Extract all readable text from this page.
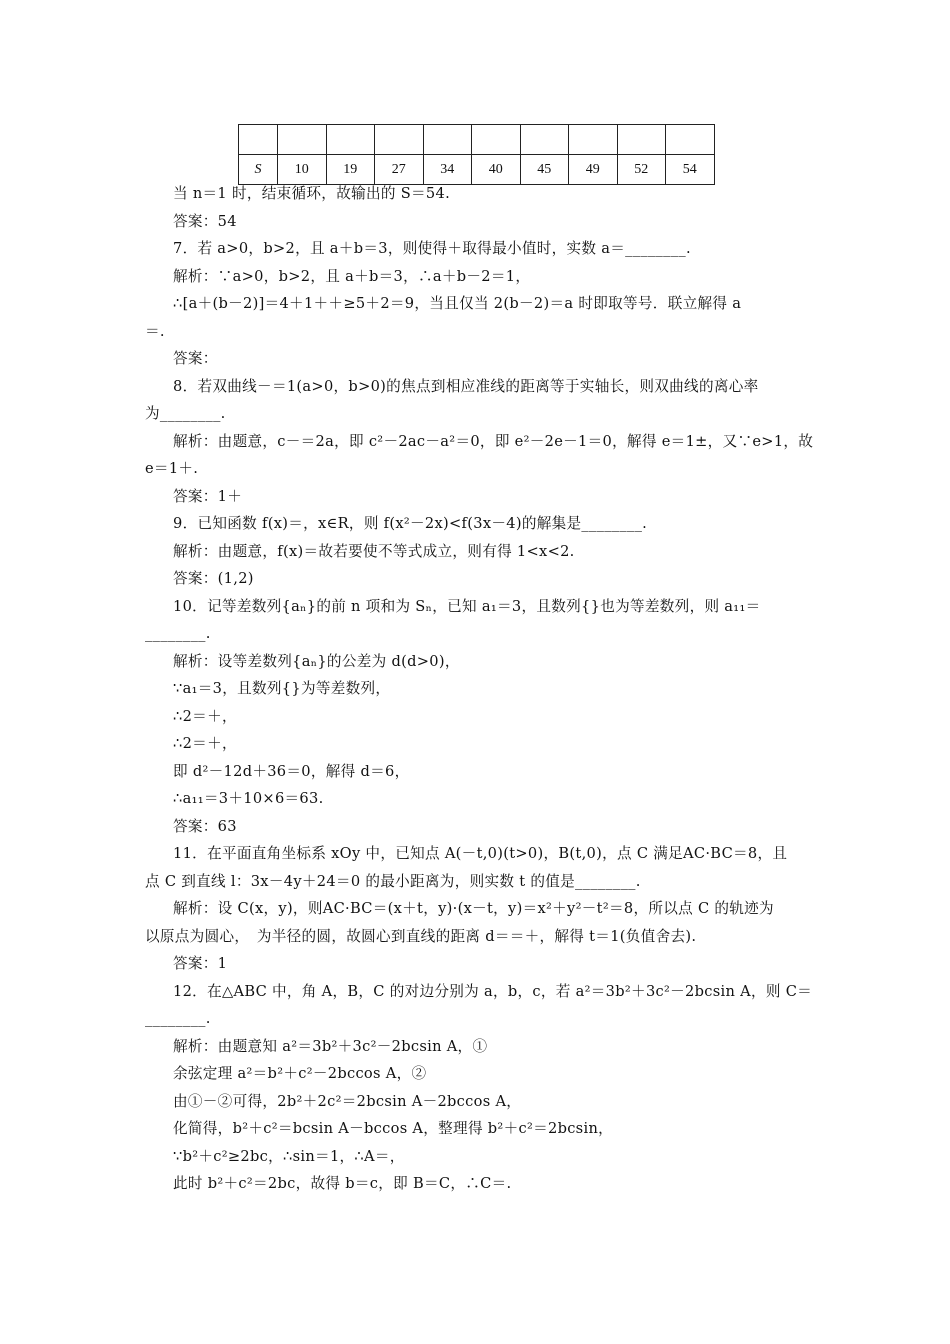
S	10	19	27	34	40	45	49	52	54
当 n＝1 时，结束循环，故输出的 S＝54.
答案：54
7．若 a>0，b>2，且 a＋b＝3，则使得＋取得最小值时，实数 a＝________.
解析：∵a>0，b>2，且 a＋b＝3，∴a＋b－2＝1，
∴[a＋(b－2)]＝4＋1＋＋≥5＋2＝9，当且仅当 2(b－2)＝a 时即取等号．联立解得 a
＝.
答案：
8．若双曲线－＝1(a>0，b>0)的焦点到相应准线的距离等于实轴长，则双曲线的离心率
为________.
解析：由题意，c－＝2a，即 c²－2ac－a²＝0，即 e²－2e－1＝0，解得 e＝1±，又∵e>1，故
e＝1＋.
答案：1＋
9．已知函数 f(x)＝，x∈R，则 f(x²－2x)<f(3x－4)的解集是________.
解析：由题意，f(x)＝故若要使不等式成立，则有得 1<x<2.
答案：(1,2)
10．记等差数列{aₙ}的前 n 项和为 Sₙ，已知 a₁＝3，且数列{}也为等差数列，则 a₁₁＝
________.
解析：设等差数列{aₙ}的公差为 d(d>0)，
∵a₁＝3，且数列{}为等差数列，
∴2＝＋，
∴2＝＋，
即 d²－12d＋36＝0，解得 d＝6，
∴a₁₁＝3＋10×6＝63.
答案：63
11．在平面直角坐标系 xOy 中，已知点 A(－t,0)(t>0)，B(t,0)，点 C 满足AC·BC＝8，且
点 C 到直线 l：3x－4y＋24＝0 的最小距离为，则实数 t 的值是________.
解析：设 C(x，y)，则AC·BC＝(x＋t，y)·(x－t，y)＝x²＋y²－t²＝8，所以点 C 的轨迹为
以原点为圆心，　为半径的圆，故圆心到直线的距离 d＝＝＋，解得 t＝1(负值舍去).
答案：1
12．在△ABC 中，角 A，B，C 的对边分别为 a，b，c，若 a²＝3b²＋3c²－2bcsin A，则 C＝
________.
解析：由题意知 a²＝3b²＋3c²－2bcsin A，①
余弦定理 a²＝b²＋c²－2bccos A，②
由①－②可得，2b²＋2c²＝2bcsin A－2bccos A，
化简得，b²＋c²＝bcsin A－bccos A，整理得 b²＋c²＝2bcsin，
∵b²＋c²≥2bc，∴sin＝1，∴A＝，
此时 b²＋c²＝2bc，故得 b＝c，即 B＝C，∴C＝.
